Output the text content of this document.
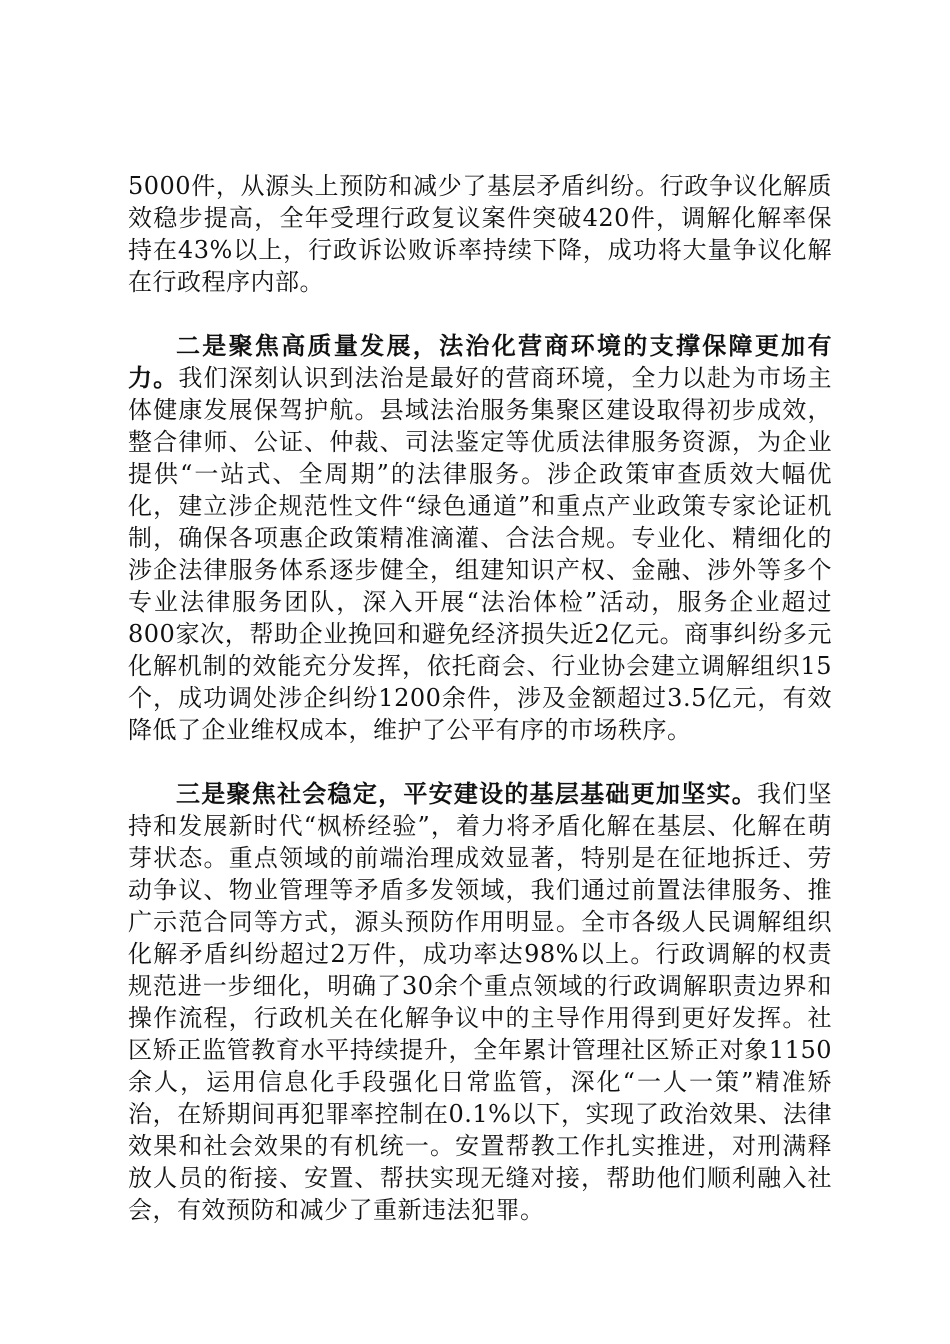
5000件，从源头上预防和减少了基层矛盾纠纷。行政争议化解质效稳步提高，全年受理行政复议案件突破420件，调解化解率保持在43%以上，行政诉讼败诉率持续下降，成功将大量争议化解在行政程序内部。

二是聚焦高质量发展，法治化营商环境的支撑保障更加有力。我们深刻认识到法治是最好的营商环境，全力以赴为市场主体健康发展保驾护航。县域法治服务集聚区建设取得初步成效，整合律师、公证、仲裁、司法鉴定等优质法律服务资源，为企业提供“一站式、全周期”的法律服务。涉企政策审查质效大幅优化，建立涉企规范性文件“绿色通道”和重点产业政策专家论证机制，确保各项惠企政策精准滴灌、合法合规。专业化、精细化的涉企法律服务体系逐步健全，组建知识产权、金融、涉外等多个专业法律服务团队，深入开展“法治体检”活动，服务企业超过800家次，帮助企业挽回和避免经济损失近2亿元。商事纠纷多元化解机制的效能充分发挥，依托商会、行业协会建立调解组织15个，成功调处涉企纠纷1200余件，涉及金额超过3.5亿元，有效降低了企业维权成本，维护了公平有序的市场秩序。

三是聚焦社会稳定，平安建设的基层基础更加坚实。我们坚持和发展新时代“枫桥经验”，着力将矛盾化解在基层、化解在萌芽状态。重点领域的前端治理成效显著，特别是在征地拆迁、劳动争议、物业管理等矛盾多发领域，我们通过前置法律服务、推广示范合同等方式，源头预防作用明显。全市各级人民调解组织化解矛盾纠纷超过2万件，成功率达98%以上。行政调解的权责规范进一步细化，明确了30余个重点领域的行政调解职责边界和操作流程，行政机关在化解争议中的主导作用得到更好发挥。社区矫正监管教育水平持续提升，全年累计管理社区矫正对象1150余人，运用信息化手段强化日常监管，深化“一人一策”精准矫治，在矫期间再犯罪率控制在0.1%以下，实现了政治效果、法律效果和社会效果的有机统一。安置帮教工作扎实推进，对刑满释放人员的衔接、安置、帮扶实现无缝对接，帮助他们顺利融入社会，有效预防和减少了重新违法犯罪。
